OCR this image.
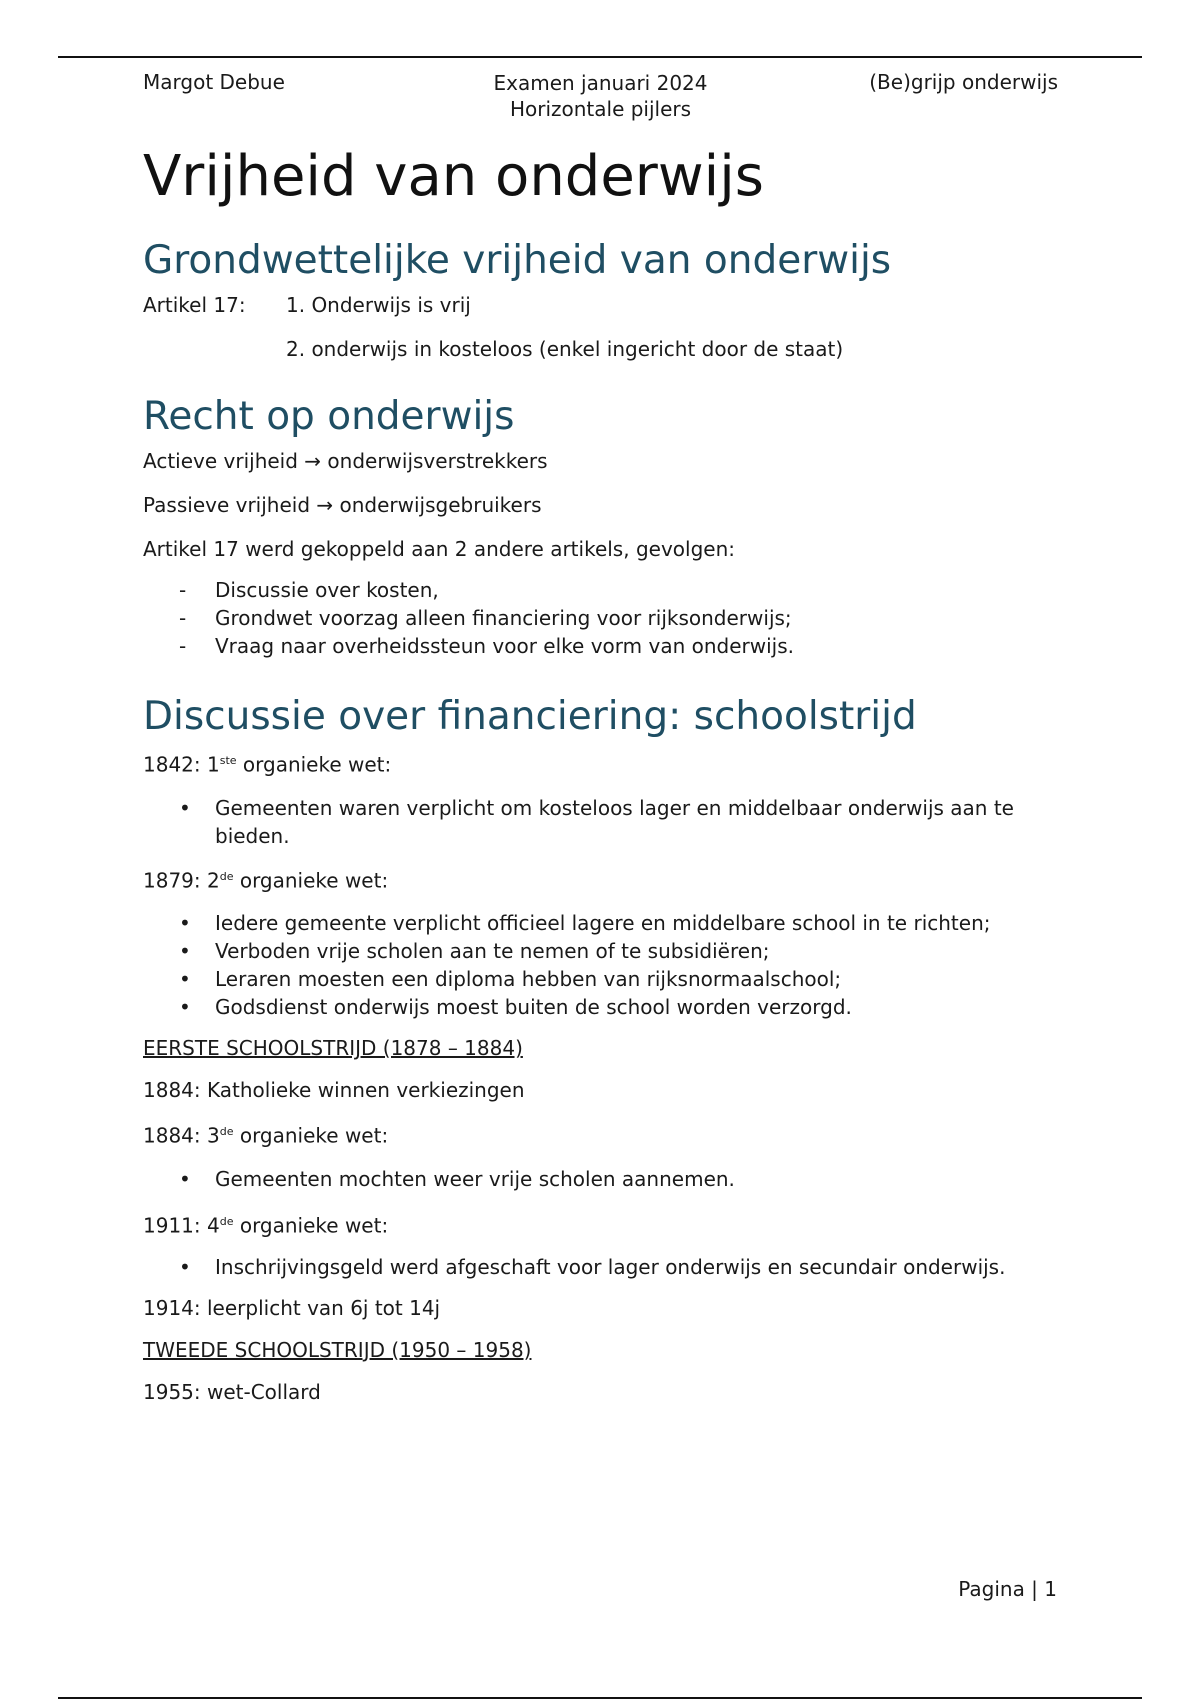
Margot Debue	Examen januari 2024
Horizontale pijlers
(Be)grijp onderwijs
Vrijheid van onderwijs
Grondwettelijke vrijheid van onderwijs
Artikel 17:	1. Onderwijs is vrij
2. onderwijs in kosteloos (enkel ingericht door de staat)
Recht op onderwijs

Actieve vrijheid → onderwijsverstrekkers

Passieve vrijheid → onderwijsgebruikers

Artikel 17 werd gekoppeld aan 2 andere artikels, gevolgen:

-	Discussie over kosten,
-	Grondwet voorzag alleen financiering voor rijksonderwijs;
-	Vraag naar overheidssteun voor elke vorm van onderwijs.
Discussie over financiering: schoolstrijd

1842: 1ste organieke wet:

•	Gemeenten waren verplicht om kosteloos lager en middelbaar onderwijs aan te bieden.

1879: 2de organieke wet:

•	Iedere gemeente verplicht officieel lagere en middelbare school in te richten;
•	Verboden vrije scholen aan te nemen of te subsidiëren;
•	Leraren moesten een diploma hebben van rijksnormaalschool;
•	Godsdienst onderwijs moest buiten de school worden verzorgd.

EERSTE SCHOOLSTRIJD (1878 – 1884)

1884: Katholieke winnen verkiezingen

1884: 3de organieke wet:

•	Gemeenten mochten weer vrije scholen aannemen.

1911: 4de organieke wet:

•	Inschrijvingsgeld werd afgeschaft voor lager onderwijs en secundair onderwijs.

1914: leerplicht van 6j tot 14j

TWEEDE SCHOOLSTRIJD (1950 – 1958)

1955: wet-Collard

Pagina | 1
